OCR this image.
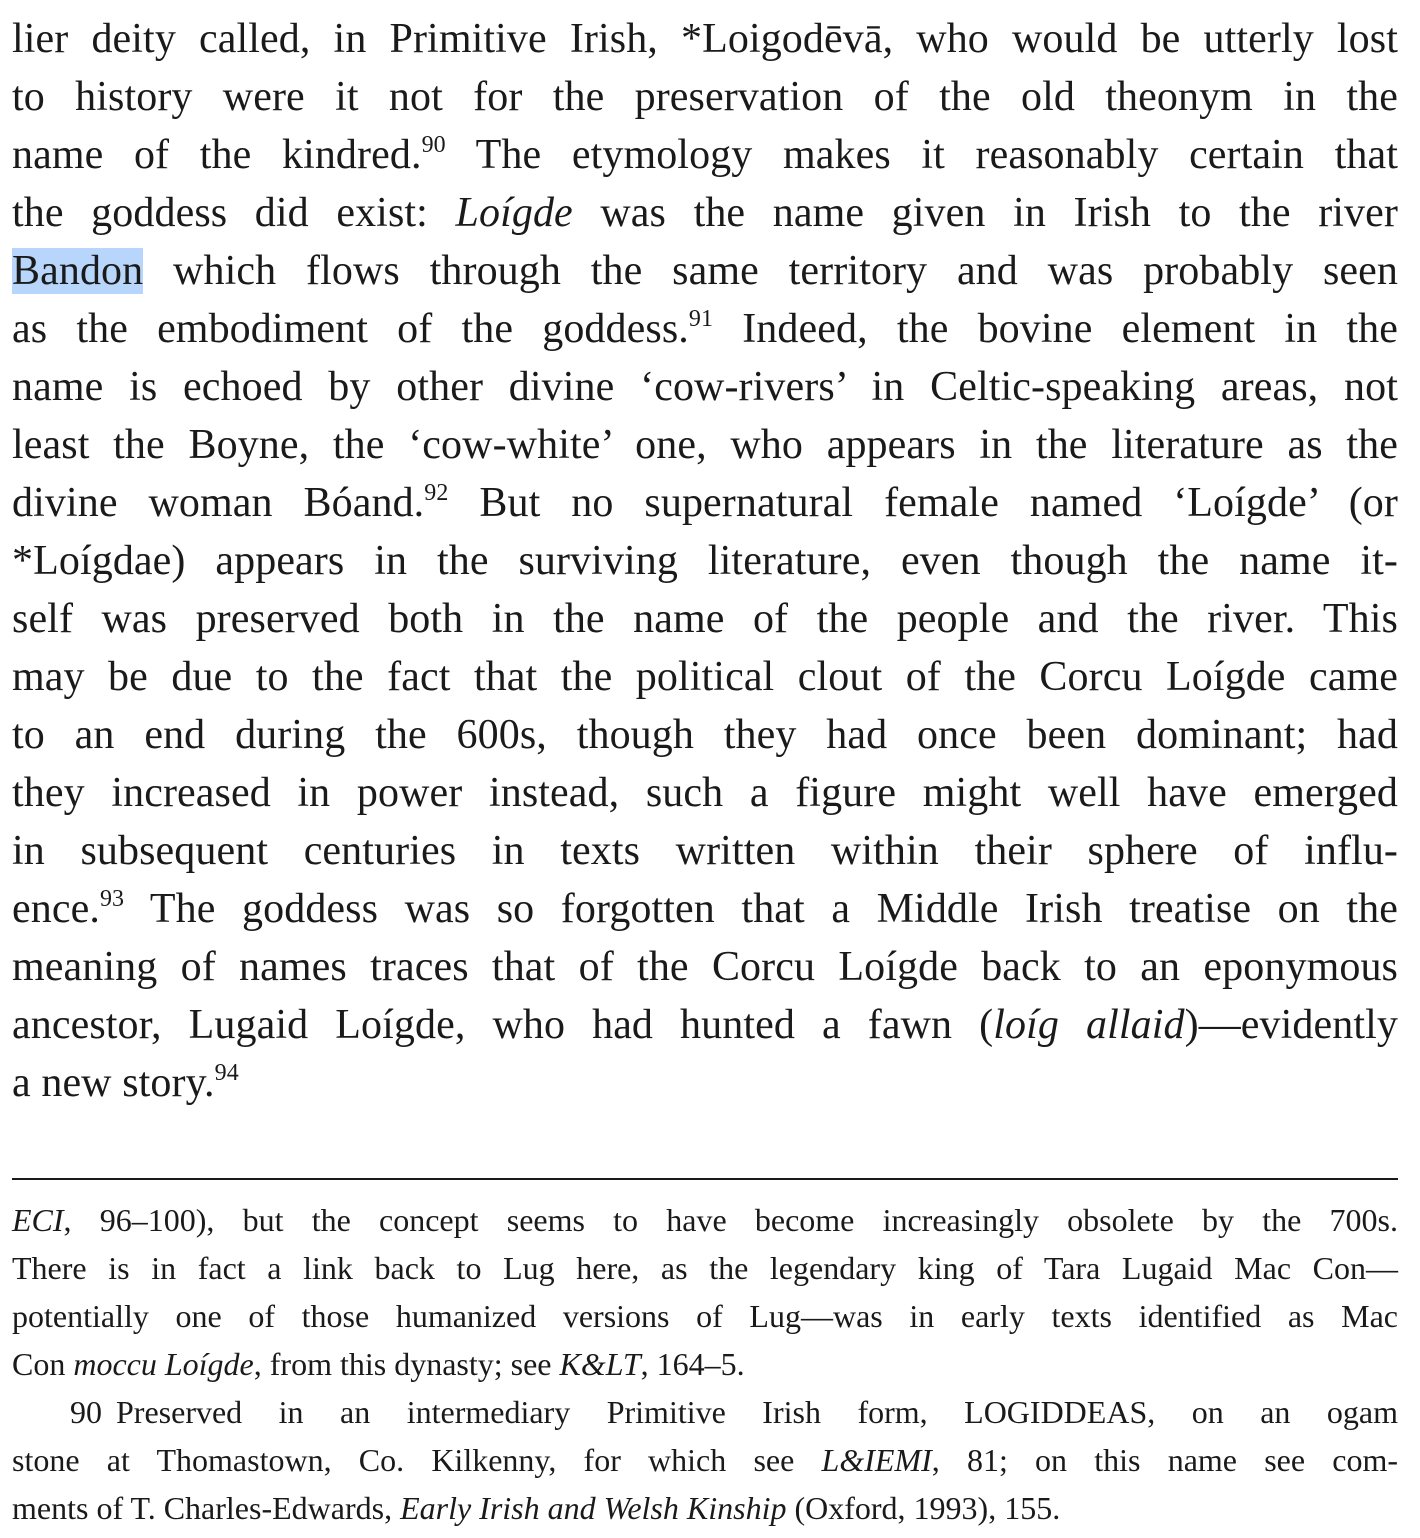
lier deity called, in Primitive Irish, *Loigodēvā, who would be utterly lost
to history were it not for the preservation of the old theonym in the
name of the kindred.$^{90}$ The etymology makes it reasonably certain that
the goddess did exist: Loígde was the name given in Irish to the river
Bandon which flows through the same territory and was probably seen
as the embodiment of the goddess.$^{91}$ Indeed, the bovine element in the
name is echoed by other divine ‘cow-rivers’ in Celtic-speaking areas, not
least the Boyne, the ‘cow-white’ one, who appears in the literature as the
divine woman Bóand.$^{92}$ But no supernatural female named ‘Loígde’ (or
*Loígdae) appears in the surviving literature, even though the name it-
self was preserved both in the name of the people and the river. This
may be due to the fact that the political clout of the Corcu Loígde came
to an end during the 600s, though they had once been dominant; had
they increased in power instead, such a figure might well have emerged
in subsequent centuries in texts written within their sphere of influ-
ence.$^{93}$ The goddess was so forgotten that a Middle Irish treatise on the
meaning of names traces that of the Corcu Loígde back to an eponymous
ancestor, Lugaid Loígde, who had hunted a fawn (loíg allaid)—evidently
a new story.$^{94}$
ECI, 96–100), but the concept seems to have become increasingly obsolete by the 700s.
There is in fact a link back to Lug here, as the legendary king of Tara Lugaid Mac Con—
potentially one of those humanized versions of Lug—was in early texts identified as Mac
Con moccu Loígde, from this dynasty; see K&LT, 164–5.
90 Preserved in an intermediary Primitive Irish form, LOGIDDEAS, on an ogam
stone at Thomastown, Co. Kilkenny, for which see L&IEMI, 81; on this name see com-
ments of T. Charles-Edwards, Early Irish and Welsh Kinship (Oxford, 1993), 155.
